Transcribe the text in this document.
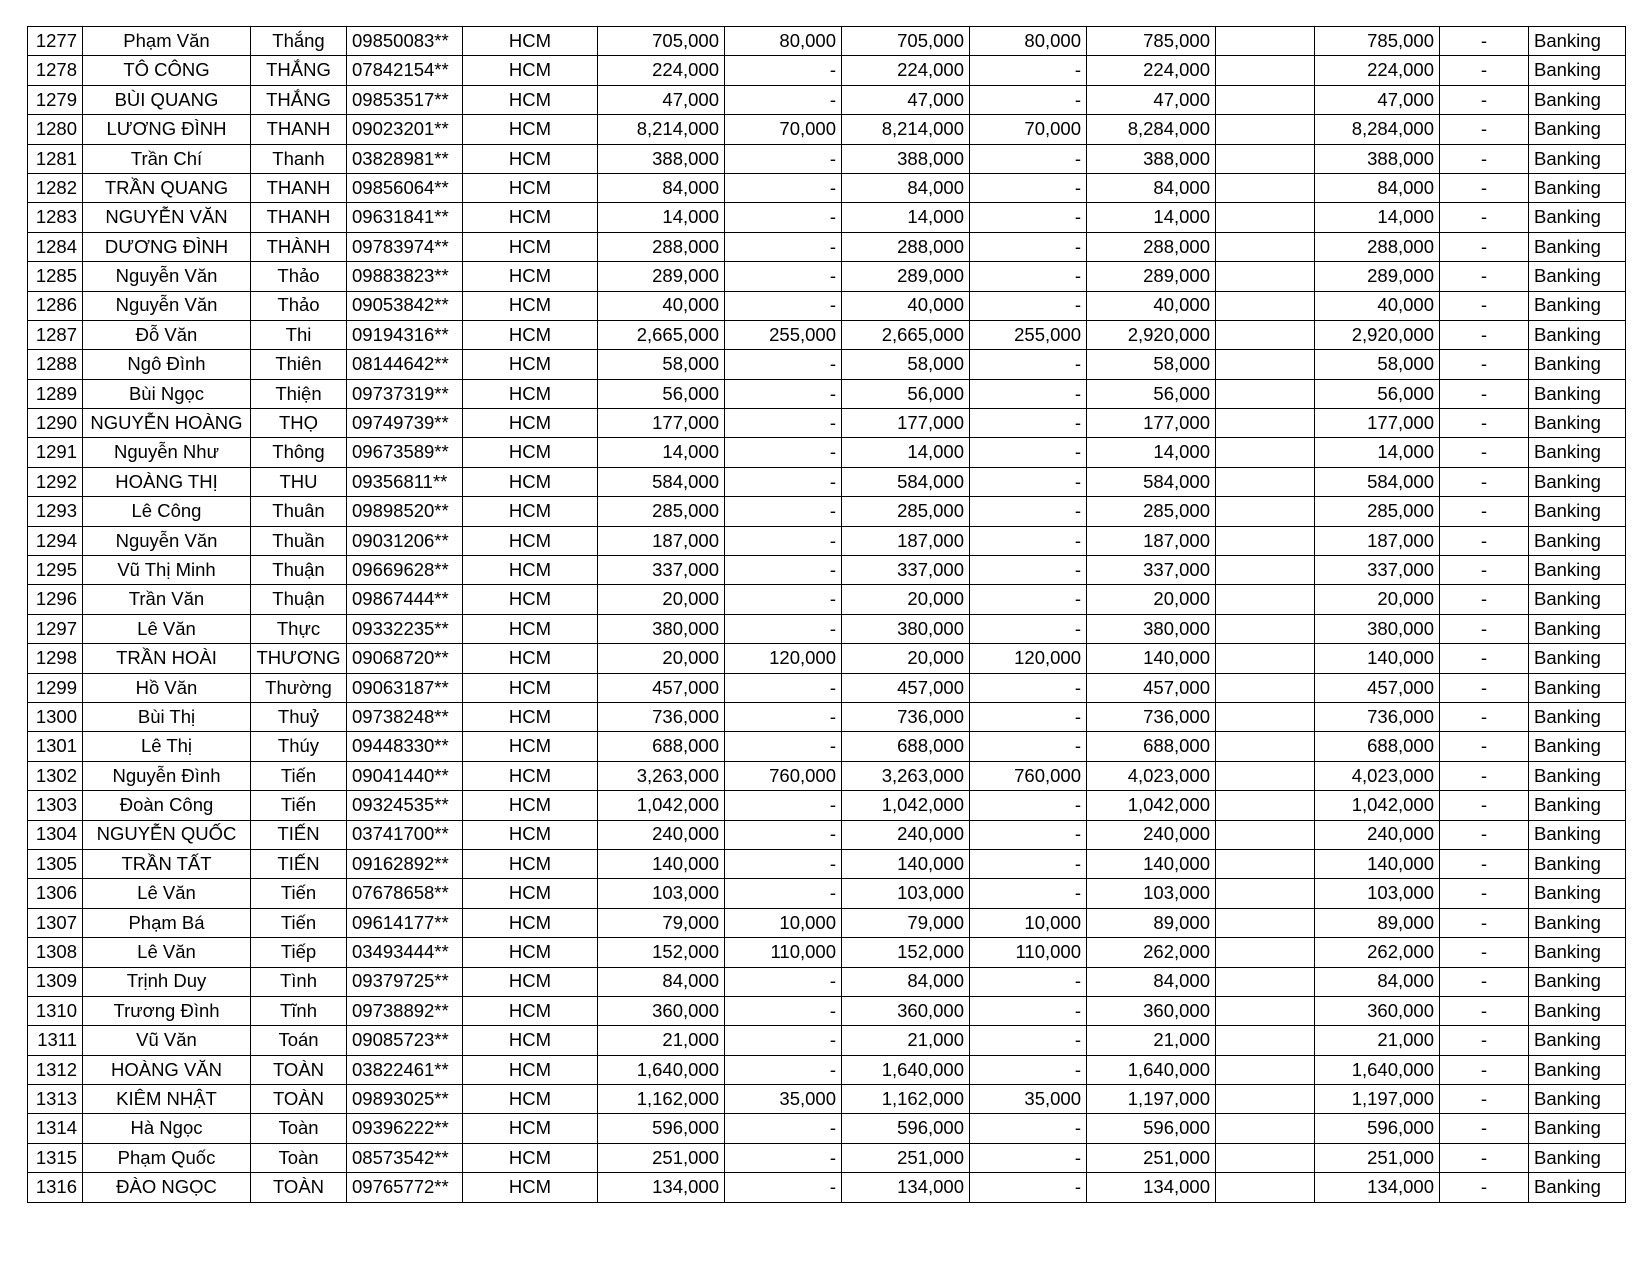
1277	Phạm Văn	Thắng	09850083**	HCM	705,000	80,000	705,000	80,000	785,000		785,000	-	Banking
1278	TÔ CÔNG	THẮNG	07842154**	HCM	224,000	-	224,000	-	224,000		224,000	-	Banking
1279	BÙI QUANG	THẮNG	09853517**	HCM	47,000	-	47,000	-	47,000		47,000	-	Banking
1280	LƯƠNG ĐÌNH	THANH	09023201**	HCM	8,214,000	70,000	8,214,000	70,000	8,284,000		8,284,000	-	Banking
1281	Trần Chí	Thanh	03828981**	HCM	388,000	-	388,000	-	388,000		388,000	-	Banking
1282	TRẦN QUANG	THANH	09856064**	HCM	84,000	-	84,000	-	84,000		84,000	-	Banking
1283	NGUYỄN VĂN	THANH	09631841**	HCM	14,000	-	14,000	-	14,000		14,000	-	Banking
1284	DƯƠNG ĐÌNH	THÀNH	09783974**	HCM	288,000	-	288,000	-	288,000		288,000	-	Banking
1285	Nguyễn Văn	Thảo	09883823**	HCM	289,000	-	289,000	-	289,000		289,000	-	Banking
1286	Nguyễn Văn	Thảo	09053842**	HCM	40,000	-	40,000	-	40,000		40,000	-	Banking
1287	Đỗ Văn	Thi	09194316**	HCM	2,665,000	255,000	2,665,000	255,000	2,920,000		2,920,000	-	Banking
1288	Ngô Đình	Thiên	08144642**	HCM	58,000	-	58,000	-	58,000		58,000	-	Banking
1289	Bùi Ngọc	Thiện	09737319**	HCM	56,000	-	56,000	-	56,000		56,000	-	Banking
1290	NGUYỄN HOÀNG	THỌ	09749739**	HCM	177,000	-	177,000	-	177,000		177,000	-	Banking
1291	Nguyễn Như	Thông	09673589**	HCM	14,000	-	14,000	-	14,000		14,000	-	Banking
1292	HOÀNG THỊ	THU	09356811**	HCM	584,000	-	584,000	-	584,000		584,000	-	Banking
1293	Lê Công	Thuân	09898520**	HCM	285,000	-	285,000	-	285,000		285,000	-	Banking
1294	Nguyễn Văn	Thuần	09031206**	HCM	187,000	-	187,000	-	187,000		187,000	-	Banking
1295	Vũ Thị Minh	Thuận	09669628**	HCM	337,000	-	337,000	-	337,000		337,000	-	Banking
1296	Trần Văn	Thuận	09867444**	HCM	20,000	-	20,000	-	20,000		20,000	-	Banking
1297	Lê Văn	Thực	09332235**	HCM	380,000	-	380,000	-	380,000		380,000	-	Banking
1298	TRẦN HOÀI	THƯƠNG	09068720**	HCM	20,000	120,000	20,000	120,000	140,000		140,000	-	Banking
1299	Hồ Văn	Thường	09063187**	HCM	457,000	-	457,000	-	457,000		457,000	-	Banking
1300	Bùi Thị	Thuỷ	09738248**	HCM	736,000	-	736,000	-	736,000		736,000	-	Banking
1301	Lê Thị	Thúy	09448330**	HCM	688,000	-	688,000	-	688,000		688,000	-	Banking
1302	Nguyễn Đình	Tiến	09041440**	HCM	3,263,000	760,000	3,263,000	760,000	4,023,000		4,023,000	-	Banking
1303	Đoàn Công	Tiến	09324535**	HCM	1,042,000	-	1,042,000	-	1,042,000		1,042,000	-	Banking
1304	NGUYỄN QUỐC	TIẾN	03741700**	HCM	240,000	-	240,000	-	240,000		240,000	-	Banking
1305	TRẦN TẤT	TIẾN	09162892**	HCM	140,000	-	140,000	-	140,000		140,000	-	Banking
1306	Lê Văn	Tiến	07678658**	HCM	103,000	-	103,000	-	103,000		103,000	-	Banking
1307	Phạm Bá	Tiến	09614177**	HCM	79,000	10,000	79,000	10,000	89,000		89,000	-	Banking
1308	Lê Văn	Tiếp	03493444**	HCM	152,000	110,000	152,000	110,000	262,000		262,000	-	Banking
1309	Trịnh Duy	Tình	09379725**	HCM	84,000	-	84,000	-	84,000		84,000	-	Banking
1310	Trương Đình	Tĩnh	09738892**	HCM	360,000	-	360,000	-	360,000		360,000	-	Banking
1311	Vũ Văn	Toán	09085723**	HCM	21,000	-	21,000	-	21,000		21,000	-	Banking
1312	HOÀNG VĂN	TOÀN	03822461**	HCM	1,640,000	-	1,640,000	-	1,640,000		1,640,000	-	Banking
1313	KIÊM NHẬT	TOÀN	09893025**	HCM	1,162,000	35,000	1,162,000	35,000	1,197,000		1,197,000	-	Banking
1314	Hà Ngọc	Toàn	09396222**	HCM	596,000	-	596,000	-	596,000		596,000	-	Banking
1315	Phạm Quốc	Toàn	08573542**	HCM	251,000	-	251,000	-	251,000		251,000	-	Banking
1316	ĐÀO NGỌC	TOÀN	09765772**	HCM	134,000	-	134,000	-	134,000		134,000	-	Banking
